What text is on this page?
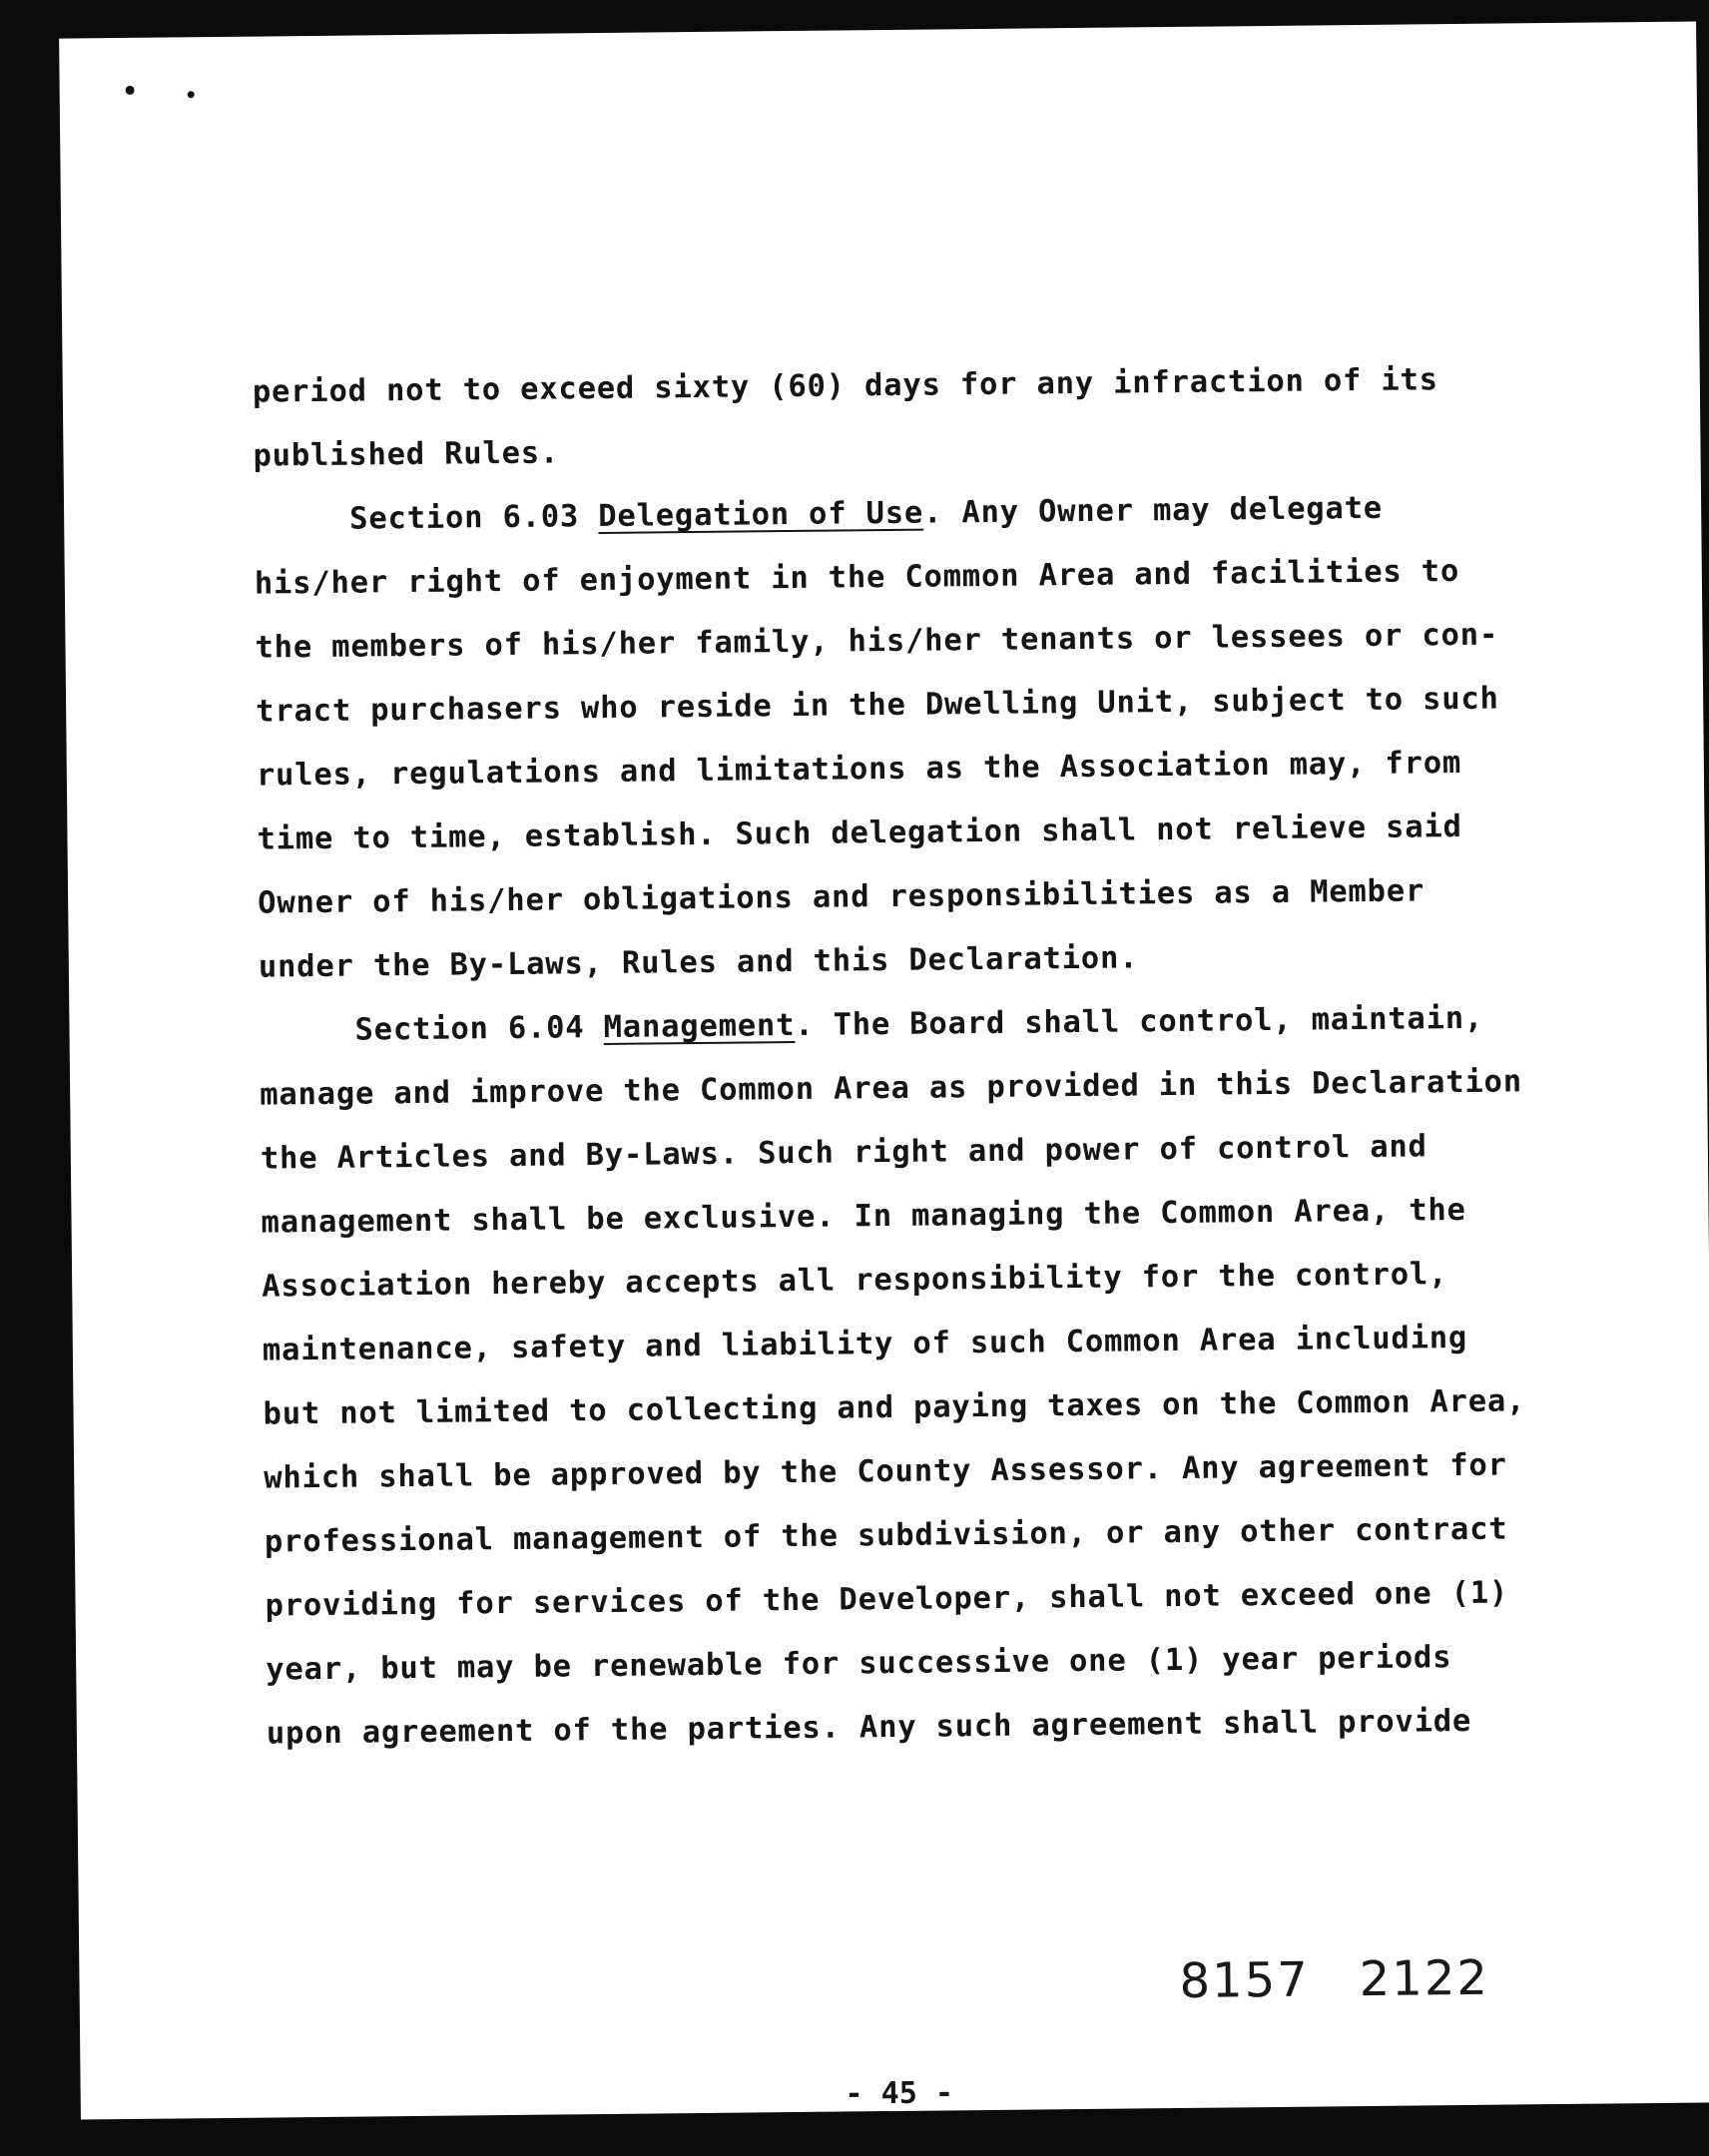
period not to exceed sixty (60) days for any infraction of its
published Rules.
Section 6.03 Delegation of Use. Any Owner may delegate
his/her right of enjoyment in the Common Area and facilities to
the members of his/her family, his/her tenants or lessees or con-
tract purchasers who reside in the Dwelling Unit, subject to such
rules, regulations and limitations as the Association may, from
time to time, establish. Such delegation shall not relieve said
Owner of his/her obligations and responsibilities as a Member
under the By-Laws, Rules and this Declaration.
Section 6.04 Management. The Board shall control, maintain,
manage and improve the Common Area as provided in this Declaration
the Articles and By-Laws. Such right and power of control and
management shall be exclusive. In managing the Common Area, the
Association hereby accepts all responsibility for the control,
maintenance, safety and liability of such Common Area including
but not limited to collecting and paying taxes on the Common Area,
which shall be approved by the County Assessor. Any agreement for
professional management of the subdivision, or any other contract
providing for services of the Developer, shall not exceed one (1)
year, but may be renewable for successive one (1) year periods
upon agreement of the parties. Any such agreement shall provide
8157 2122
- 45 -
